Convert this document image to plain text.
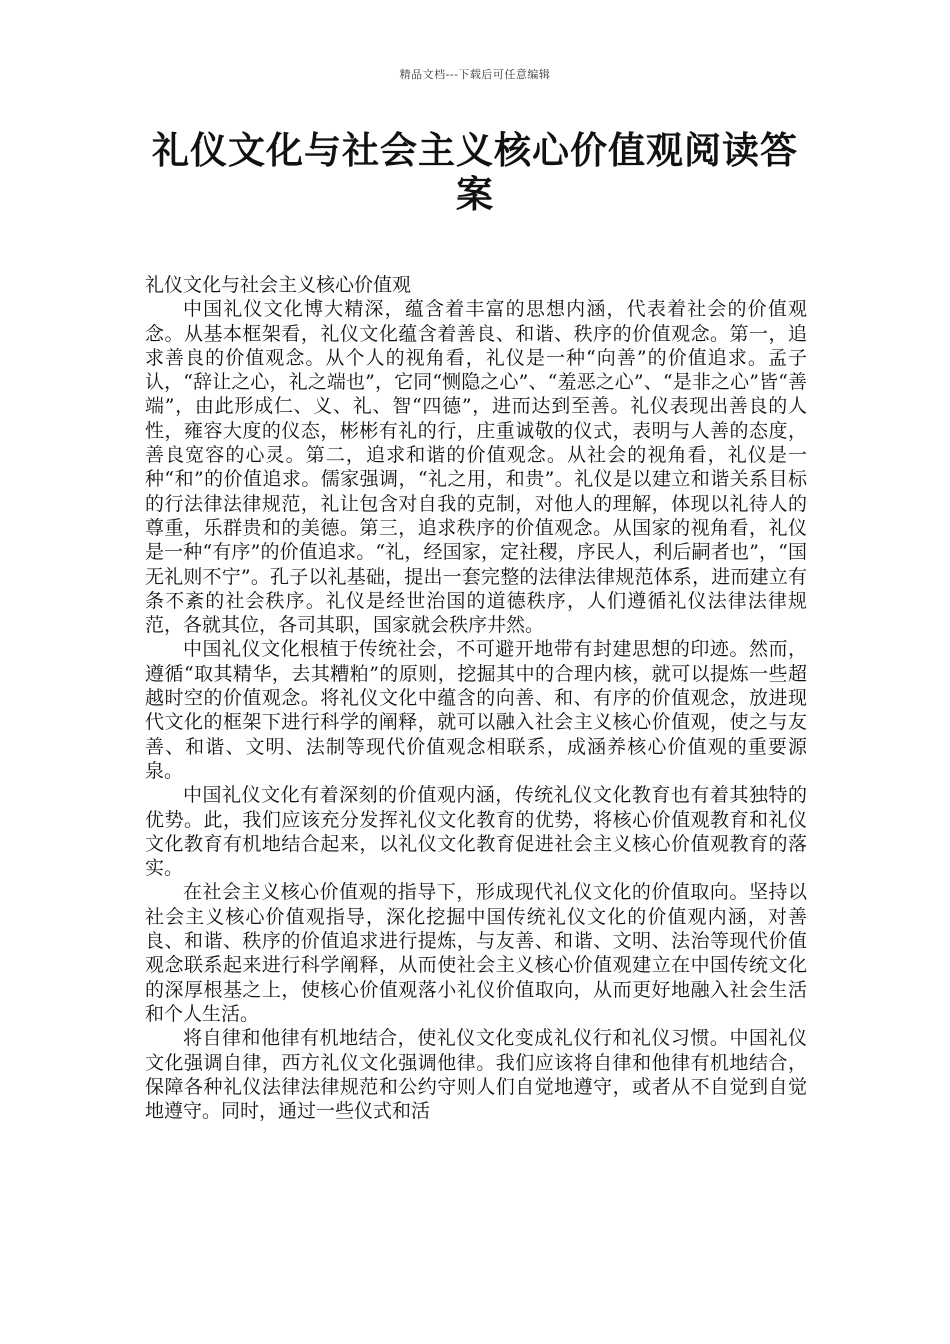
精品文档---下载后可任意编辑
礼仪文化与社会主义核心价值观阅读答案

礼仪文化与社会主义核心价值观

中国礼仪文化博大精深，蕴含着丰富的思想内涵，代表着社会的价值观念。从基本框架看，礼仪文化蕴含着善良、和谐、秩序的价值观念。第一，追求善良的价值观念。从个人的视角看，礼仪是一种“向善”的价值追求。孟子认，“辞让之心，礼之端也”，它同“恻隐之心”、“羞恶之心”、“是非之心”皆“善端”，由此形成仁、义、礼、智“四德”，进而达到至善。礼仪表现出善良的人性，雍容大度的仪态，彬彬有礼的行，庄重诚敬的仪式，表明与人善的态度，善良宽容的心灵。第二，追求和谐的价值观念。从社会的视角看，礼仪是一种“和”的价值追求。儒家强调，“礼之用，和贵”。礼仪是以建立和谐关系目标的行法律法律规范，礼让包含对自我的克制，对他人的理解，体现以礼待人的尊重，乐群贵和的美德。第三，追求秩序的价值观念。从国家的视角看，礼仪是一种“有序”的价值追求。“礼，经国家，定社稷，序民人，利后嗣者也”，“国无礼则不宁”。孔子以礼基础，提出一套完整的法律法律规范体系，进而建立有条不紊的社会秩序。礼仪是经世治国的道德秩序，人们遵循礼仪法律法律规范，各就其位，各司其职，国家就会秩序井然。

中国礼仪文化根植于传统社会，不可避开地带有封建思想的印迹。然而，遵循“取其精华，去其糟粕”的原则，挖掘其中的合理内核，就可以提炼一些超越时空的价值观念。将礼仪文化中蕴含的向善、和、有序的价值观念，放进现代文化的框架下进行科学的阐释，就可以融入社会主义核心价值观，使之与友善、和谐、文明、法制等现代价值观念相联系，成涵养核心价值观的重要源泉。

中国礼仪文化有着深刻的价值观内涵，传统礼仪文化教育也有着其独特的优势。此，我们应该充分发挥礼仪文化教育的优势，将核心价值观教育和礼仪文化教育有机地结合起来，以礼仪文化教育促进社会主义核心价值观教育的落实。

在社会主义核心价值观的指导下，形成现代礼仪文化的价值取向。坚持以社会主义核心价值观指导，深化挖掘中国传统礼仪文化的价值观内涵，对善良、和谐、秩序的价值追求进行提炼，与友善、和谐、文明、法治等现代价值观念联系起来进行科学阐释，从而使社会主义核心价值观建立在中国传统文化的深厚根基之上，使核心价值观落小礼仪价值取向，从而更好地融入社会生活和个人生活。

将自律和他律有机地结合，使礼仪文化变成礼仪行和礼仪习惯。中国礼仪文化强调自律，西方礼仪文化强调他律。我们应该将自律和他律有机地结合，保障各种礼仪法律法律规范和公约守则人们自觉地遵守，或者从不自觉到自觉地遵守。同时，通过一些仪式和活
